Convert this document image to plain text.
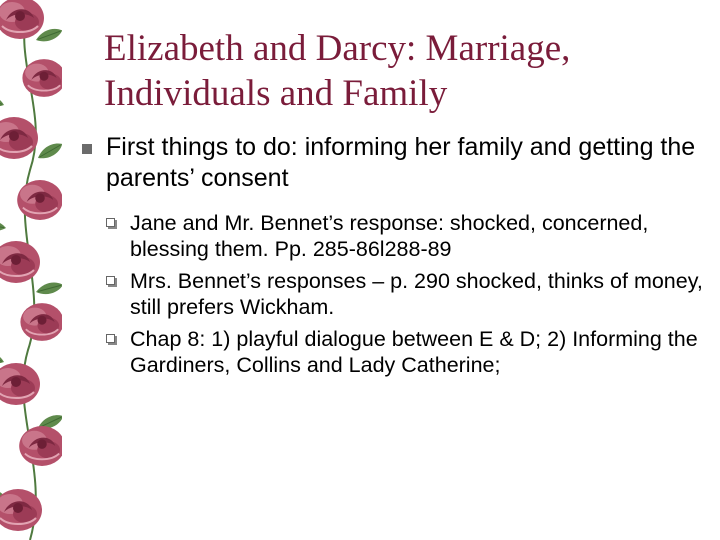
Elizabeth and Darcy: Marriage, Individuals and Family
First things to do: informing her family and getting the parents’ consent
Jane and Mr. Bennet’s response: shocked, concerned, blessing them. Pp. 285-86l288-89
Mrs. Bennet’s responses – p. 290 shocked, thinks of money, still prefers Wickham.
Chap 8: 1) playful dialogue between E & D; 2) Informing the Gardiners, Collins and Lady Catherine;
